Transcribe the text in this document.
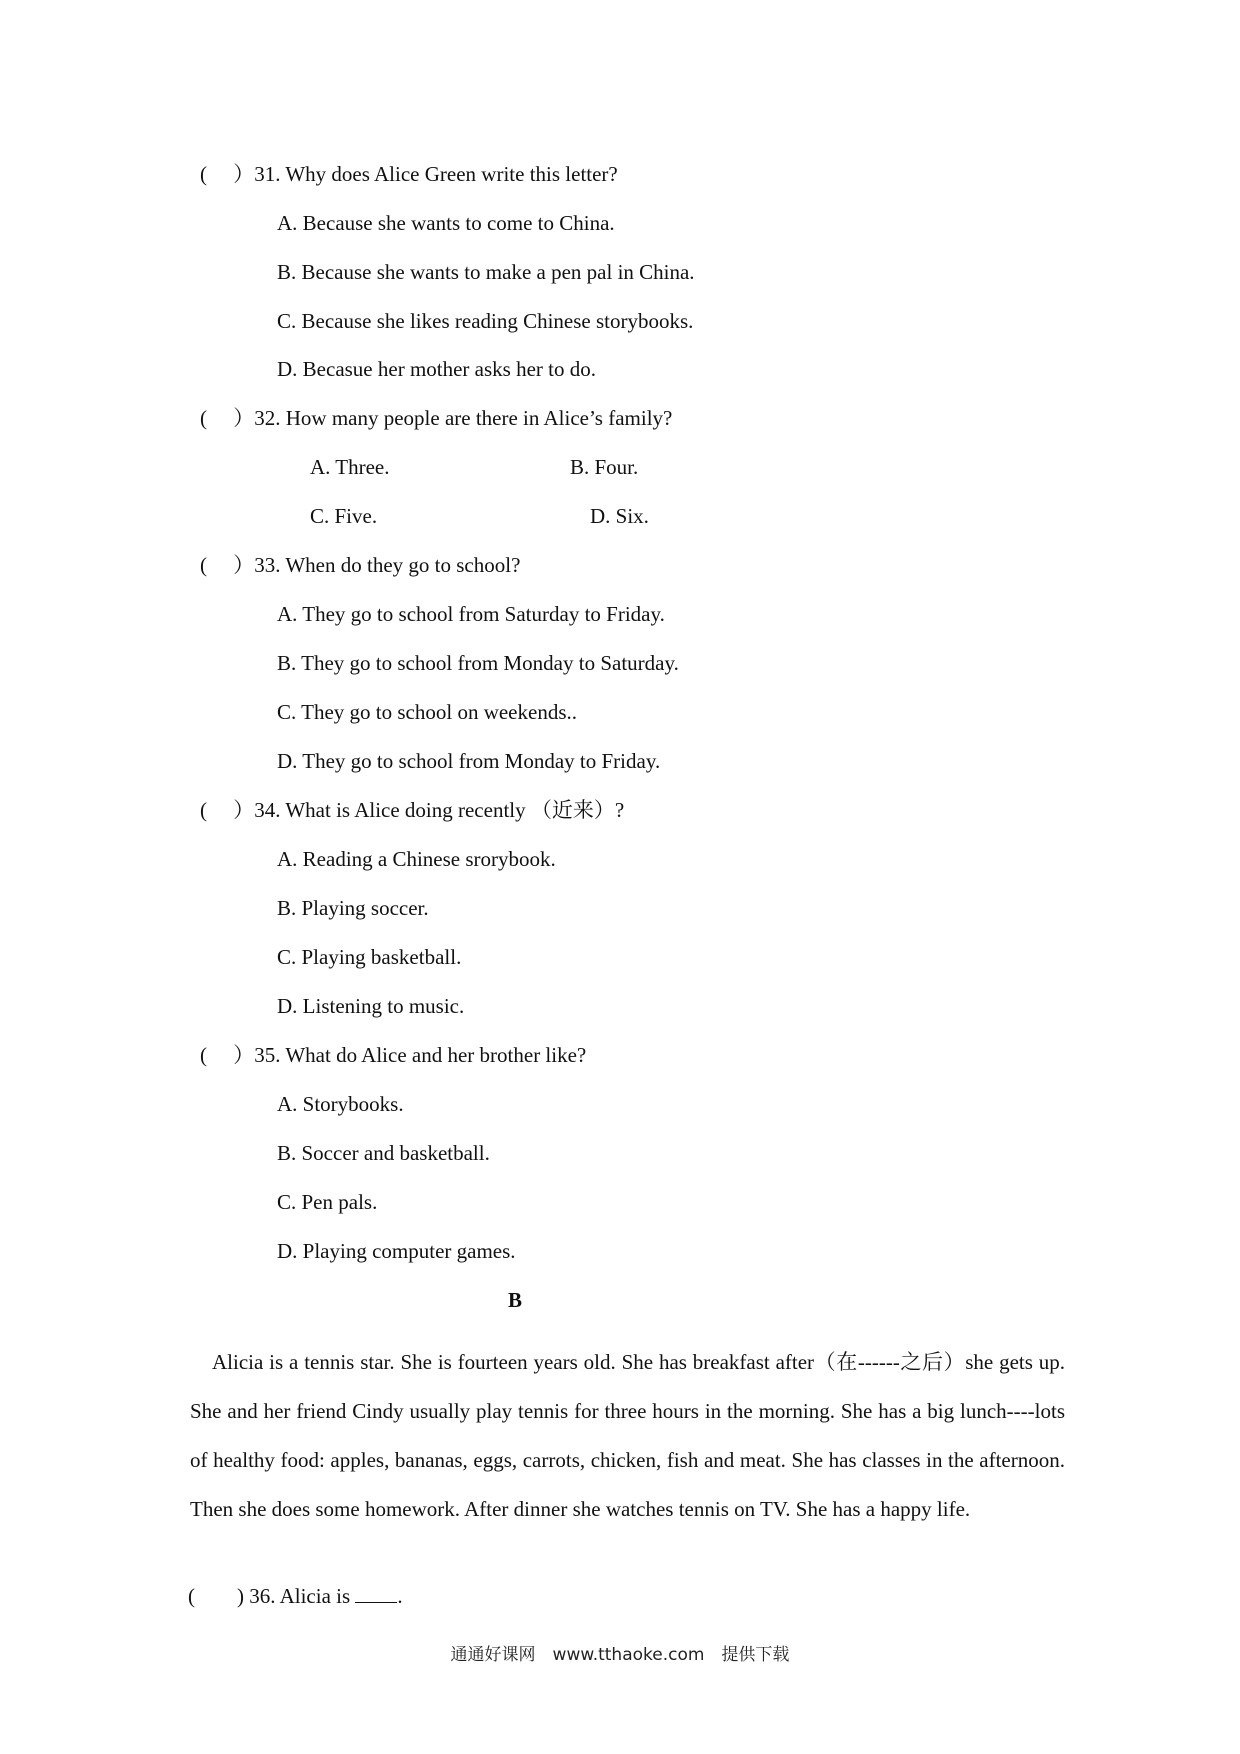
(　 ）31. Why does Alice Green write this letter?
A. Because she wants to come to China.
B. Because she wants to make a pen pal in China.
C. Because she likes reading Chinese storybooks.
D. Becasue her mother asks her to do.
(　 ）32. How many people are there in Alice’s family?
A. Three.	B. Four.
C. Five.	D. Six.
(　 ）33. When do they go to school?
A. They go to school from Saturday to Friday.
B. They go to school from Monday to Saturday.
C. They go to school on weekends..
D. They go to school from Monday to Friday.
(　 ）34. What is Alice doing recently （近来）?
A. Reading a Chinese srorybook.
B. Playing soccer.
C. Playing basketball.
D. Listening to music.
(　 ）35. What do Alice and her brother like?
A. Storybooks.
B. Soccer and basketball.
C. Pen pals.
D. Playing computer games.
B
Alicia is a tennis star. She is fourteen years old. She has breakfast after（在------之后）she gets up. She and her friend Cindy usually play tennis for three hours in the morning. She has a big lunch----lots of healthy food: apples, bananas, eggs, carrots, chicken, fish and meat. She has classes in the afternoon. Then she does some homework. After dinner she watches tennis on TV. She has a happy life.
(　　) 36. Alicia is .
通通好课网　www.tthaoke.com　提供下载
